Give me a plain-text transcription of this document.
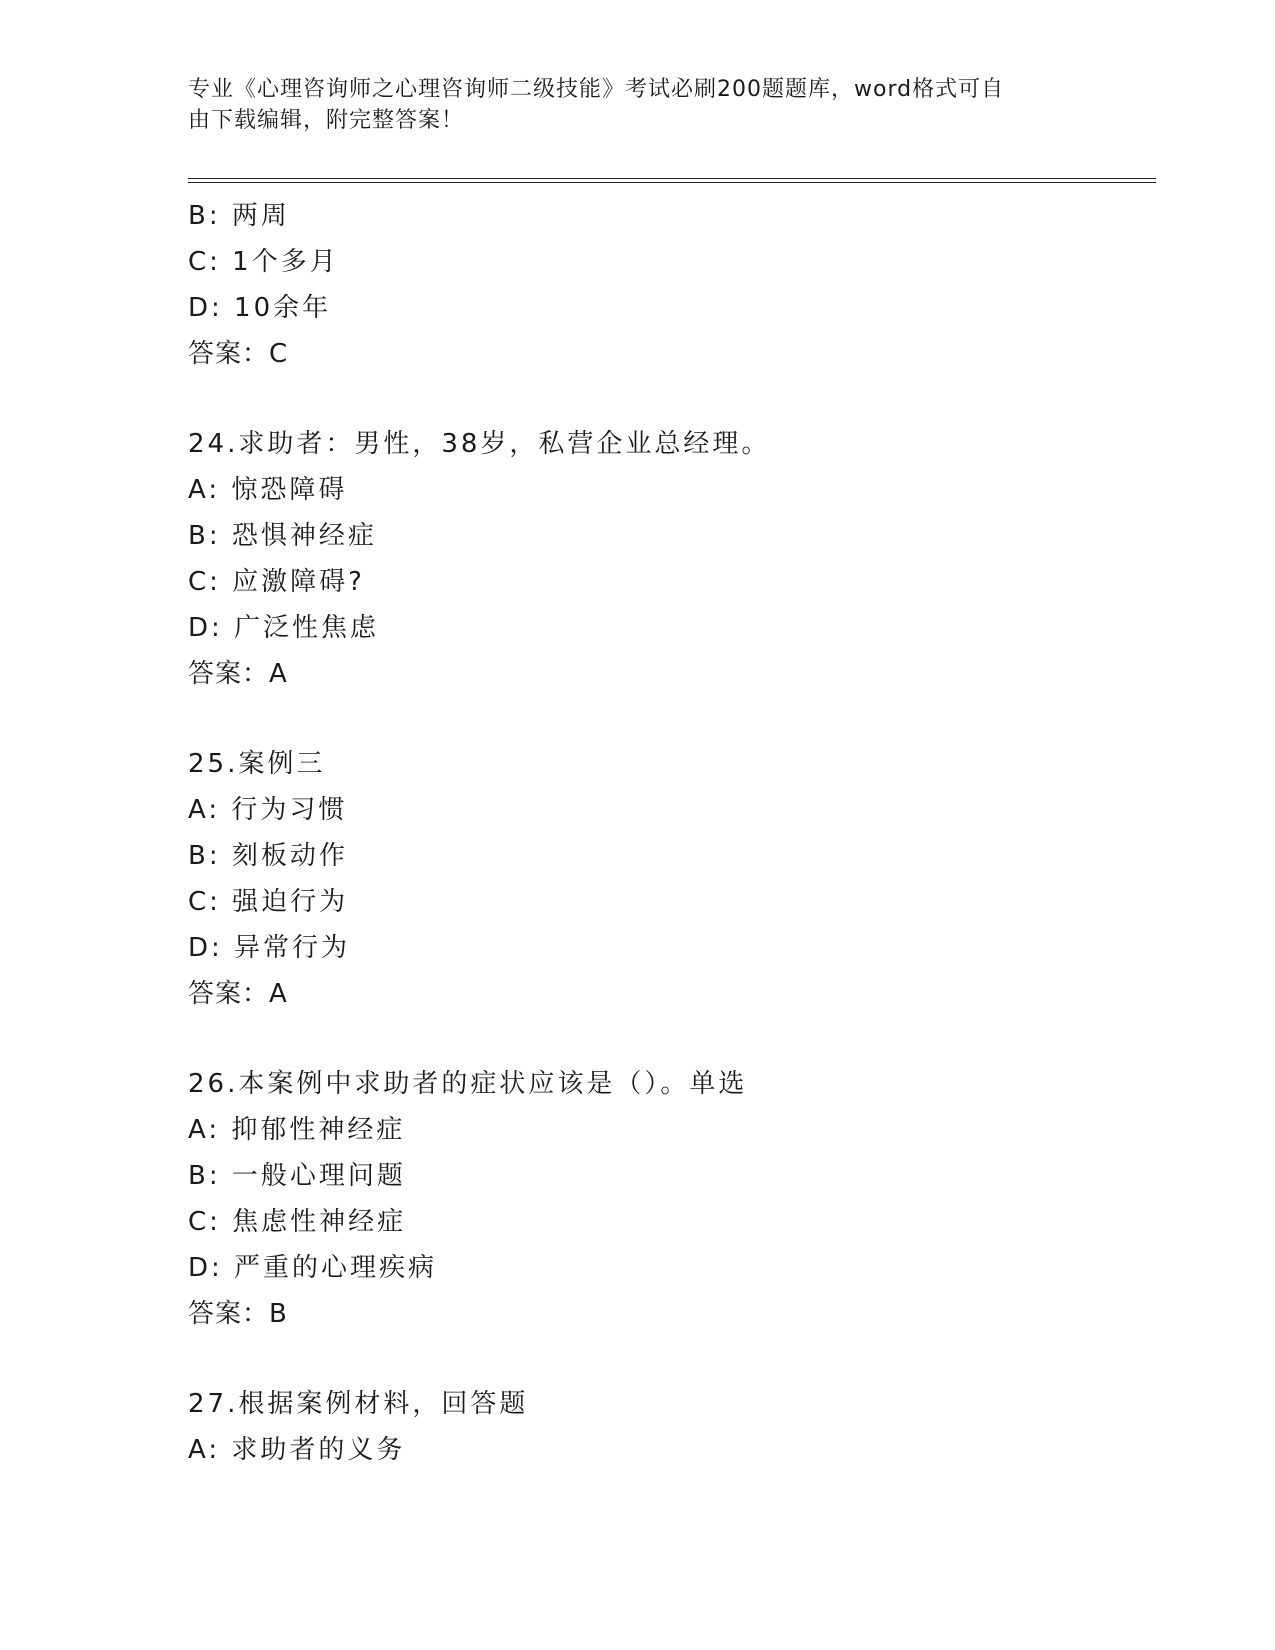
专业《心理咨询师之心理咨询师二级技能》考试必刷200题题库，word格式可自
由下载编辑，附完整答案！
B: 两周
C: 1个多月
D: 10余年
答案：C
24.求助者：男性，38岁，私营企业总经理。
A: 惊恐障碍
B: 恐惧神经症
C: 应激障碍?
D: 广泛性焦虑
答案：A
25.案例三
A: 行为习惯
B: 刻板动作
C: 强迫行为
D: 异常行为
答案：A
26.本案例中求助者的症状应该是（）。单选
A: 抑郁性神经症
B: 一般心理问题
C: 焦虑性神经症
D: 严重的心理疾病
答案：B
27.根据案例材料，回答题
A: 求助者的义务
